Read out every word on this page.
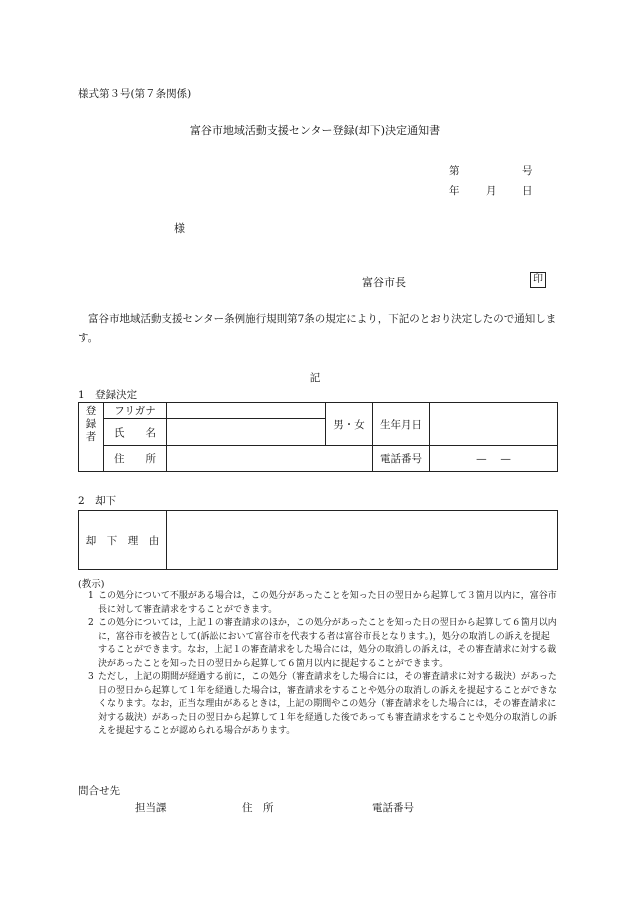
様式第３号(第７条関係)
富谷市地域活動支援センター登録(却下)決定通知書
第	号
年	月 日
様
富谷市長	印
富谷市地域活動支援センター条例施行規則第7条の規定により，下記のとおり決定したので通知します。
記
1　登録決定
登
録
者	フリガナ		男・女	生年月日	
	氏　　名				
	住　　所			電話番号	—　 —
2　却下
却　下　理　由	
(教示)

1 この処分について不服がある場合は，この処分があったことを知った日の翌日から起算して３箇月以内に，富谷市長に対して審査請求をすることができます。

2 この処分については，上記１の審査請求のほか，この処分があったことを知った日の翌日から起算して６箇月以内に，富谷市を被告として(訴訟において富谷市を代表する者は富谷市長となります。)，処分の取消しの訴えを提起することができます。なお，上記１の審査請求をした場合には，処分の取消しの訴えは，その審査請求に対する裁決があったことを知った日の翌日から起算して６箇月以内に提起することができます。

3 ただし，上記の期間が経過する前に，この処分（審査請求をした場合には，その審査請求に対する裁決）があった日の翌日から起算して１年を経過した場合は，審査請求をすることや処分の取消しの訴えを提起することができなくなります。なお，正当な理由があるときは，上記の期間やこの処分（審査請求をした場合には，その審査請求に対する裁決）があった日の翌日から起算して１年を経過した後であっても審査請求をすることや処分の取消しの訴えを提起することが認められる場合があります。

問合せ先
担当課	住　所	電話番号
